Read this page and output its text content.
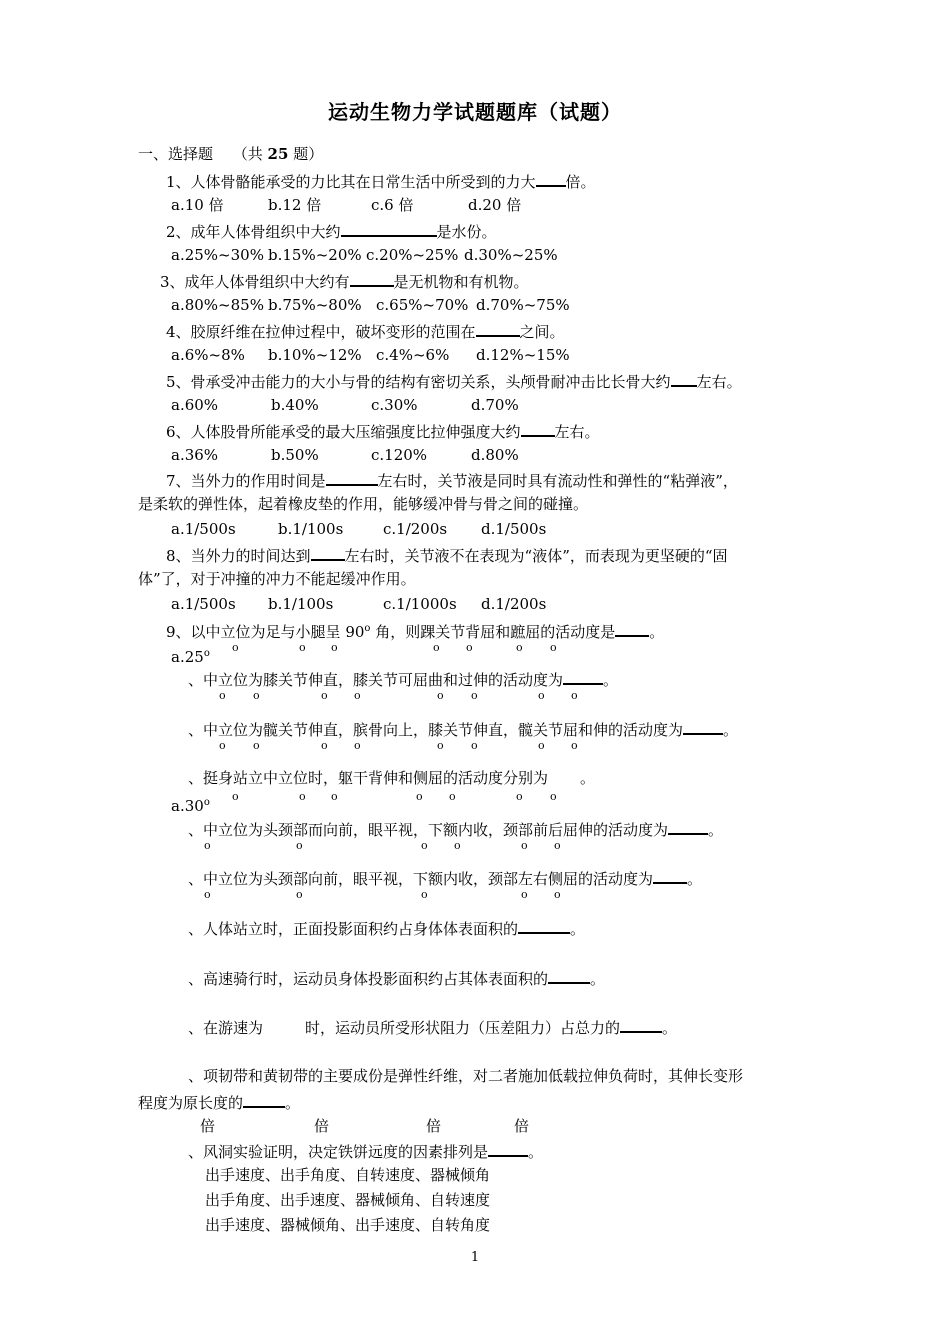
运动生物力学试题题库（试题）
一、选择题　 （共 25 题）
1、人体骨骼能承受的力比其在日常生活中所受到的力大 倍。
a.10 倍	b.12 倍	c.6 倍	d.20 倍
2、成年人体骨组织中大约	是水份。
a.25%~30% b.15%~20% c.20%~25% d.30%~25%
3、成年人体骨组织中大约有	是无机物和有机物。
a.80%~85% b.75%~80% c.65%~70% d.70%~75%
4、胶原纤维在拉伸过程中，破坏变形的范围在	之间。
a.6%~8% b.10%~12% c.4%~6% d.12%~15%
5、骨承受冲击能力的大小与骨的结构有密切关系，头颅骨耐冲击比长骨大约 左右。
a.60%	b.40%	c.30%	d.70%
6、人体股骨所能承受的最大压缩强度比拉伸强度大约 左右。
a.36%	b.50%	c.120%	d.80%
7、当外力的作用时间是	左右时，关节液是同时具有流动性和弹性的“粘弹液”，
是柔软的弹性体，起着橡皮垫的作用，能够缓冲骨与骨之间的碰撞。
a.1/500s	b.1/100s	c.1/200s d.1/500s
8、当外力的时间达到 左右时，关节液不在表现为“液体”，而表现为更坚硬的“固
体”了，对于冲撞的冲力不能起缓冲作用。
a.1/500s b.1/100s	c.1/1000s d.1/200s
9、以中立位为足与小腿呈 90$^o$ 角，则踝关节背屈和蹠屈的活动度是 。
a.25$^o$ o	o o	o o	o o
、中立位为膝关节伸直，膝关节可屈曲和过伸的活动度为	。
o o	o o	o o	o o
、中立位为髋关节伸直，膑骨向上，膝关节伸直，髋关节屈和伸的活动度为	。
o o	o o	o o	o o
、挺身站立中立位时，躯干背伸和侧屈的活动度分别为 。
a.30$^o$ o	o o	o o	o o
、中立位为头颈部而向前，眼平视，下额内收，颈部前后屈伸的活动度为	。
o	o	o o	o o
、中立位为头颈部向前，眼平视，下额内收，颈部左右侧屈的活动度为 。
o	o	o	o o
、人体站立时，正面投影面积约占身体体表面积的	。
、高速骑行时，运动员身体投影面积约占其体表面积的	。
、在游速为	时，运动员所受形状阻力（压差阻力）占总力的	。
、项韧带和黄韧带的主要成份是弹性纤维，对二者施加低载拉伸负荷时，其伸长变形
程度为原长度的	。
倍	倍	倍	倍
、风洞实验证明，决定铁饼远度的因素排列是	。
出手速度、出手角度、自转速度、器械倾角
出手角度、出手速度、器械倾角、自转速度
出手速度、器械倾角、出手速度、自转角度
1
